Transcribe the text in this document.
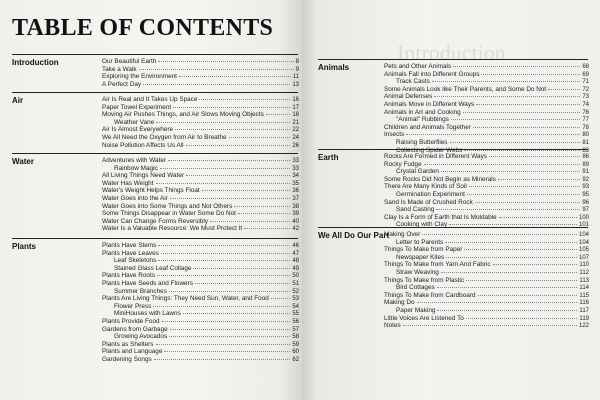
TABLE OF CONTENTS
Introduction	Our Beautiful Earth	8
Take a Walk	9
Exploring the Environment	11
A Perfect Day	13
Air	Air Is Real and It Takes Up Space	16
Paper Towel Experiment	17
Moving Air Pushes Things, and Air Slows Moving Objects	18
Weather Vane	21
Air Is Almost Everywhere	22
We All Need the Oxygen from Air to Breathe	24
Noise Pollution Affects Us All	26
Water	Adventures with Water	33
Rainbow Magic	33
All Living Things Need Water	34
Water Has Weight	35
Water's Weight Helps Things Float	36
Water Goes into the Air	37
Water Goes into Some Things and Not Others	38
Some Things Disappear in Water Some Do Not	39
Water Can Change Forms Reversibly	40
Water Is a Valuable Resource: We Must Protect It	42
Plants	Plants Have Stems	46
Plants Have Leaves	47
Leaf Skeletons	48
Stained Glass Leaf Collage	49
Plants Have Roots	50
Plants Have Seeds and Flowers	51
Summer Branches	52
Plants Are Living Things: They Need Sun, Water, and Food	53
Flower Press	54
MiniHouses with Lawns	55
Plants Provide Food	56
Gardens from Garbage	57
Growing Avocados	58
Plants as Shelters	59
Plants and Language	60
Gardening Songs	62
Introduction
Animals	Pets and Other Animals	68
Animals Fall into Different Groups	69
Track Casts	71
Some Animals Look like Their Parents, and Some Do Not	72
Animal Defenses	73
Animals Move in Different Ways	74
Animals in Art and Cooking	76
"Animal" Rubbings	77
Children and Animals Together	78
Insects	80
Raising Butterflies	81
Collecting Spider Webs	83
Earth	Rocks Are Formed in Different Ways	86
Rocky Fudge	89
Crystal Garden	91
Some Rocks Did Not Begin as Minerals	92
There Are Many Kinds of Soil	93
Germination Experiment	95
Sand Is Made of Crushed Rock	96
Sand Casting	97
Clay Is a Form of Earth that Is Moldable	100
Cooking with Clay	101
We All Do Our Part
Making Over	104
Letter to Parents	104
Things To Make from Paper	105
Newspaper Kites	107
Things To Make from Yarn And Fabric	110
Straw Weaving	112
Things To Make from Plastic	113
Bird Cottages	114
Things To Make from Cardboard	115
Making Do	116
Paper Making	117
Little Voices Are Listened To	119
Notes	122
